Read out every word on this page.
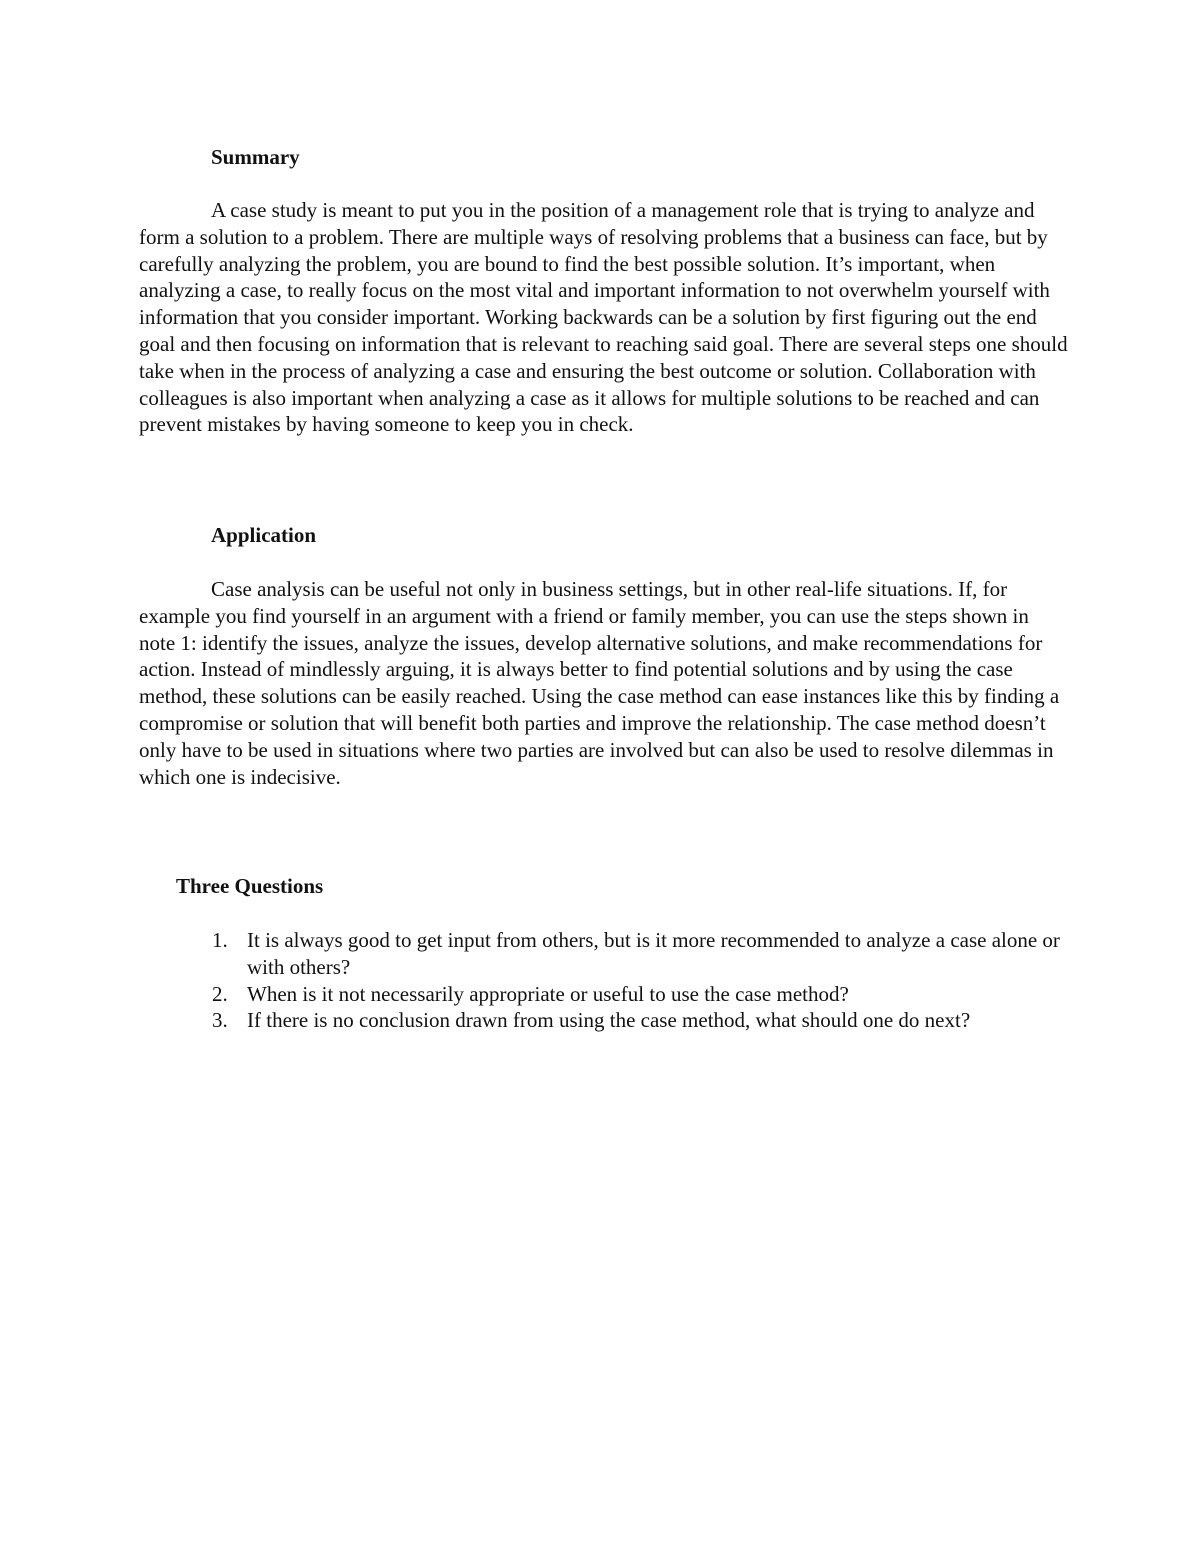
Summary

A case study is meant to put you in the position of a management role that is trying to analyze and form a solution to a problem. There are multiple ways of resolving problems that a business can face, but by carefully analyzing the problem, you are bound to find the best possible solution. It’s important, when analyzing a case, to really focus on the most vital and important information to not overwhelm yourself with information that you consider important. Working backwards can be a solution by first figuring out the end goal and then focusing on information that is relevant to reaching said goal. There are several steps one should take when in the process of analyzing a case and ensuring the best outcome or solution. Collaboration with colleagues is also important when analyzing a case as it allows for multiple solutions to be reached and can prevent mistakes by having someone to keep you in check.

Application

Case analysis can be useful not only in business settings, but in other real-life situations. If, for example you find yourself in an argument with a friend or family member, you can use the steps shown in note 1: identify the issues, analyze the issues, develop alternative solutions, and make recommendations for action. Instead of mindlessly arguing, it is always better to find potential solutions and by using the case method, these solutions can be easily reached. Using the case method can ease instances like this by finding a compromise or solution that will benefit both parties and improve the relationship. The case method doesn’t only have to be used in situations where two parties are involved but can also be used to resolve dilemmas in which one is indecisive.

Three Questions
1. It is always good to get input from others, but is it more recommended to analyze a case alone or with others?
2. When is it not necessarily appropriate or useful to use the case method?
3. If there is no conclusion drawn from using the case method, what should one do next?
